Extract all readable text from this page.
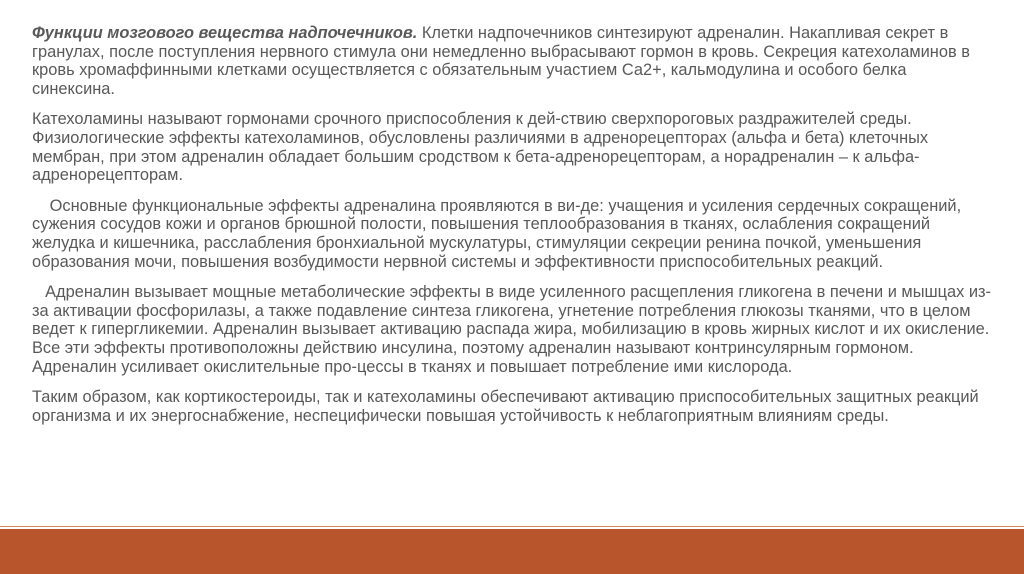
Функции мозгового вещества надпочечников. Клетки надпочечников синтезируют адреналин. Накапливая секрет в гранулах, после поступления нервного стимула они немедленно выбрасывают гормон в кровь. Секреция катехоламинов в кровь хромаффинными клетками осуществляется с обязательным участием Са2+, кальмодулина и особого белка синексина.

Катехоламины называют гормонами срочного приспособления к дей-ствию сверхпороговых раздражителей среды. Физиологические эффекты катехоламинов, обусловлены различиями в адренорецепторах (альфа и бета) клеточных мембран, при этом адреналин обладает большим сродством к бета-адренорецепторам, а норадреналин – к альфа-адренорецепторам.

Основные функциональные эффекты адреналина проявляются в ви-де: учащения и усиления сердечных сокращений, сужения сосудов кожи и органов брюшной полости, повышения теплообразования в тканях, ослабления сокращений желудка и кишечника, расслабления бронхиальной мускулатуры, стимуляции секреции ренина почкой, уменьшения образования мочи, повышения возбудимости нервной системы и эффективности приспособительных реакций.

Адреналин вызывает мощные метаболические эффекты в виде усиленного расщепления гликогена в печени и мышцах из-за активации фосфорилазы, а также подавление синтеза гликогена, угнетение потребления глюкозы тканями, что в целом ведет к гипергликемии. Адреналин вызывает активацию распада жира, мобилизацию в кровь жирных кислот и их окисление. Все эти эффекты противоположны действию инсулина, поэтому адреналин называют контринсулярным гормоном. Адреналин усиливает окислительные про-цессы в тканях и повышает потребление ими кислорода.

Таким образом, как кортикостероиды, так и катехоламины обеспечивают активацию приспособительных защитных реакций организма и их энергоснабжение, неспецифически повышая устойчивость к неблагоприятным влияниям среды.
